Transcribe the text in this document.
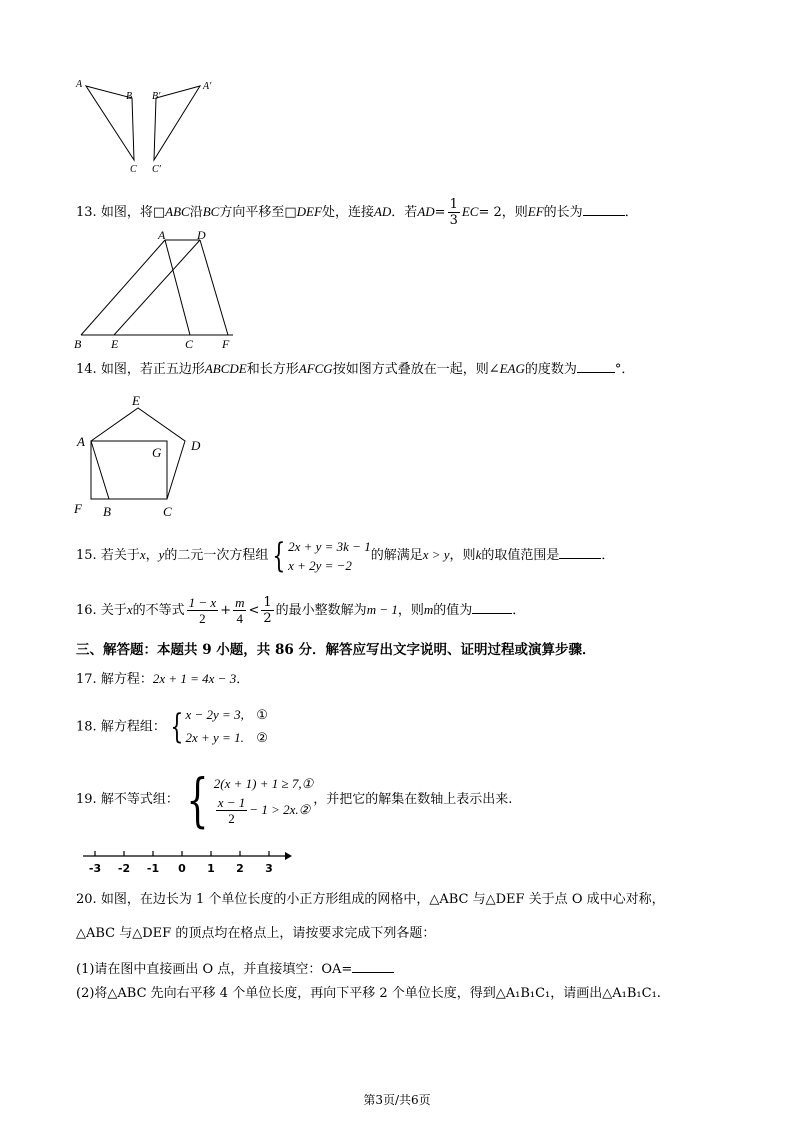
A
B
C
A′
B′
C′
13. 如图，将□ABC沿BC方向平移至□DEF处，连接AD．若$AD= \frac{1}{3} EC= 2$，则EF的长为	．
A	D
B E	C F
14. 如图，若正五边形ABCDE和长方形AFCG按如图方式叠放在一起，则∠EAG的度数为	°．
E
A	D
G
F B	C
15. 若关于x，y的二元一次方程组 { 2x + y = 3k − 1
x + 2y = −2
的解满足x > y，则k的取值范围是	．
16. 关于x的不等式 $\frac{1 - x}{2} + \frac{m}{4} < \frac{1}{2}$ 的最小整数解为m − 1，则m的值为	．
三、解答题：本题共 9 小题，共 86 分．解答应写出文字说明、证明过程或演算步骤．
17. 解方程：2x + 1 = 4x − 3．
18. 解方程组： { x − 2y = 3, ①
2x + y = 1. ②
19. 解不等式组： { 2(x + 1) + 1 ≥ 7,①
$\frac{x - 1}{2} - 1$ > 2x.②
，并把它的解集在数轴上表示出来.
-3 -2 -1 0 1 2 3
20. 如图，在边长为 1 个单位长度的小正方形组成的网格中，△ABC 与△DEF 关于点 O 成中心对称，
△ABC 与△DEF 的顶点均在格点上，请按要求完成下列各题：
(1)请在图中直接画出 O 点，并直接填空：OA=
(2)将△ABC 先向右平移 4 个单位长度，再向下平移 2 个单位长度，得到△A₁B₁C₁，请画出△A₁B₁C₁.
第3页/共6页
